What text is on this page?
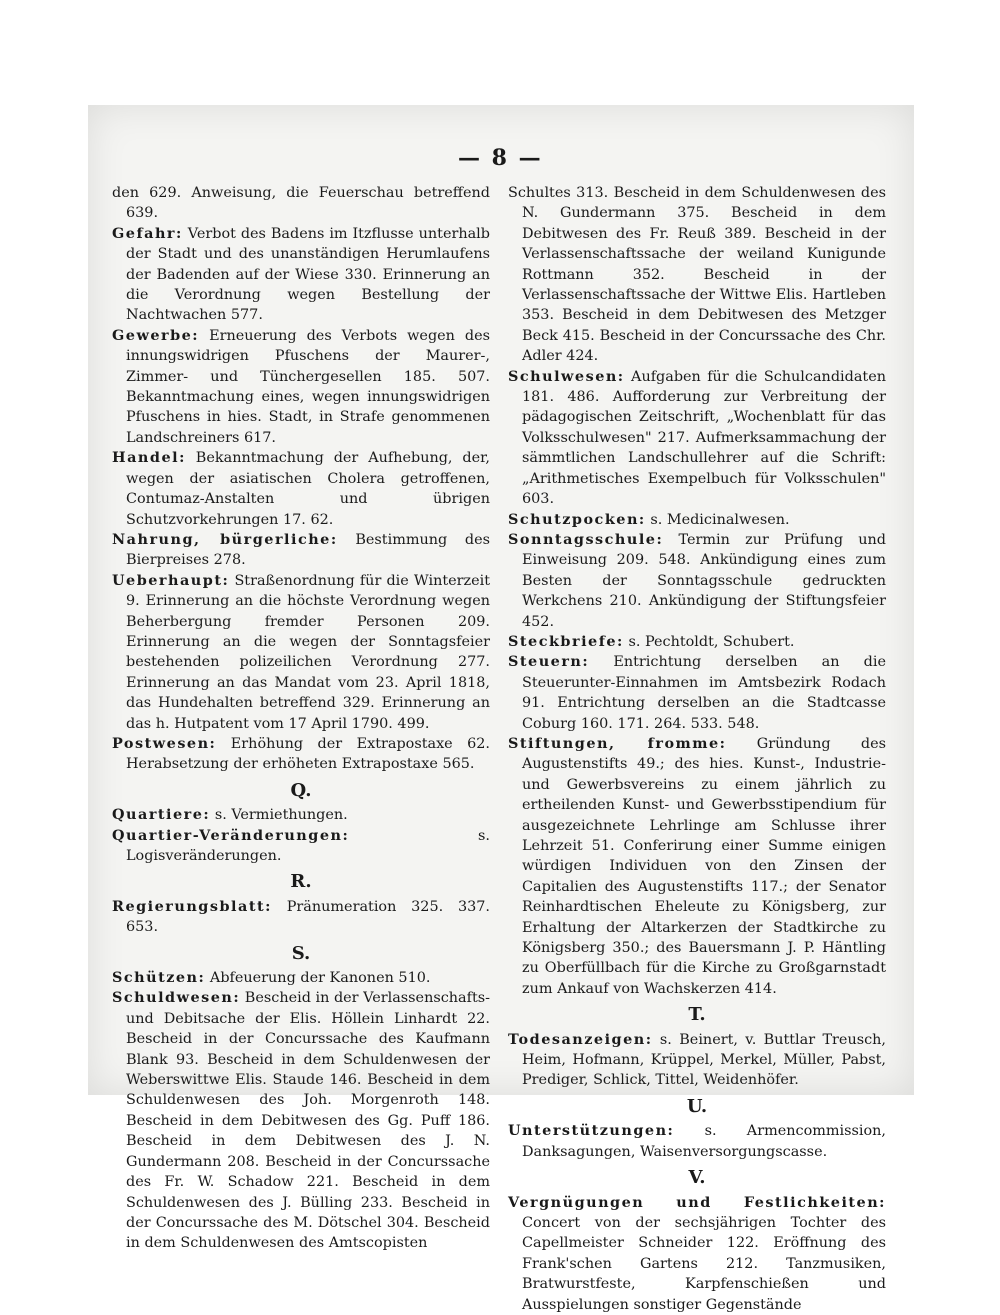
— 8 —

den 629. Anweisung, die Feuerschau betreffend 639.

Gefahr: Verbot des Badens im Itzflusse unterhalb der Stadt und des unanständigen Herumlaufens der Badenden auf der Wiese 330. Erinnerung an die Verordnung wegen Bestellung der Nachtwachen 577.

Gewerbe: Erneuerung des Verbots wegen des innungswidrigen Pfuschens der Maurer-, Zimmer- und Tünchergesellen 185. 507. Bekanntmachung eines, wegen innungswidrigen Pfuschens in hies. Stadt, in Strafe genommenen Landschreiners 617.

Handel: Bekanntmachung der Aufhebung, der, wegen der asiatischen Cholera getroffenen, Contumaz-Anstalten und übrigen Schutzvorkehrungen 17. 62.

Nahrung, bürgerliche: Bestimmung des Bierpreises 278.

Ueberhaupt: Straßenordnung für die Winterzeit 9. Erinnerung an die höchste Verordnung wegen Beherbergung fremder Personen 209. Erinnerung an die wegen der Sonntagsfeier bestehenden polizeilichen Verordnung 277. Erinnerung an das Mandat vom 23. April 1818, das Hundehalten betreffend 329. Erinnerung an das h. Hutpatent vom 17 April 1790. 499.

Postwesen: Erhöhung der Extrapostaxe 62. Herabsetzung der erhöheten Extrapostaxe 565.

Q.

Quartiere: s. Vermiethungen.

Quartier-Veränderungen:	s. Logisveränderungen.

R.

Regierungsblatt: Pränumeration 325. 337. 653.

S.

Schützen: Abfeuerung der Kanonen 510.

Schuldwesen: Bescheid in der Verlassenschafts- und Debitsache der Elis. Höllein Linhardt 22. Bescheid in der Concurssache des Kaufmann Blank 93. Bescheid in dem Schuldenwesen der Weberswittwe Elis. Staude 146. Bescheid in dem Schuldenwesen des Joh. Morgenroth 148. Bescheid in dem Debitwesen des Gg. Puff 186. Bescheid in dem Debitwesen des J. N. Gundermann 208. Bescheid in der Concurssache des Fr. W. Schadow 221. Bescheid in dem Schuldenwesen des J. Bülling 233. Bescheid in der Concurssache des M. Dötschel 304. Bescheid in dem Schuldenwesen des Amtscopisten

Schultes 313. Bescheid in dem Schuldenwesen des N. Gundermann 375. Bescheid in dem Debitwesen des Fr. Reuß 389. Bescheid in der Verlassenschaftssache der weiland Kunigunde Rottmann 352. Bescheid in der Verlassenschaftssache der Wittwe Elis. Hartleben 353. Bescheid in dem Debitwesen des Metzger Beck 415. Bescheid in der Concurssache des Chr. Adler 424.

Schulwesen: Aufgaben für die Schulcandidaten 181. 486. Aufforderung zur Verbreitung der pädagogischen Zeitschrift, „Wochenblatt für das Volksschulwesen" 217. Aufmerksammachung der sämmtlichen Landschullehrer auf die Schrift: „Arithmetisches Exempelbuch für Volksschulen" 603.

Schutzpocken: s. Medicinalwesen.

Sonntagsschule: Termin zur Prüfung und Einweisung 209. 548. Ankündigung eines zum Besten der Sonntagsschule gedruckten Werkchens 210. Ankündigung der Stiftungsfeier 452.

Steckbriefe: s. Pechtoldt, Schubert.

Steuern: Entrichtung derselben an die Steuerunter-Einnahmen im Amtsbezirk Rodach 91. Entrichtung derselben an die Stadtcasse Coburg 160. 171. 264. 533. 548.

Stiftungen, fromme: Gründung des Augustenstifts 49.; des hies. Kunst-, Industrie- und Gewerbsvereins zu einem jährlich zu ertheilenden Kunst- und Gewerbsstipendium für ausgezeichnete Lehrlinge am Schlusse ihrer Lehrzeit 51. Conferirung einer Summe einigen würdigen Individuen von den Zinsen der Capitalien des Augustenstifts 117.; der Senator Reinhardtischen Eheleute zu Königsberg, zur Erhaltung der Altarkerzen der Stadtkirche zu Königsberg 350.; des Bauersmann J. P. Häntling zu Oberfüllbach für die Kirche zu Großgarnstadt zum Ankauf von Wachskerzen 414.

T.

Todesanzeigen: s. Beinert, v. Buttlar Treusch, Heim, Hofmann, Krüppel, Merkel, Müller, Pabst, Prediger, Schlick, Tittel, Weidenhöfer.

U.

Unterstützungen: s. Armencommission, Danksagungen, Waisenversorgungscasse.

V.

Vergnügungen und Festlichkeiten: Concert von der sechsjährigen Tochter des Capellmeister Schneider 122. Eröffnung des Frank'schen Gartens 212. Tanzmusiken, Bratwurstfeste, Karpfenschießen und Ausspielungen sonstiger Gegenstände
